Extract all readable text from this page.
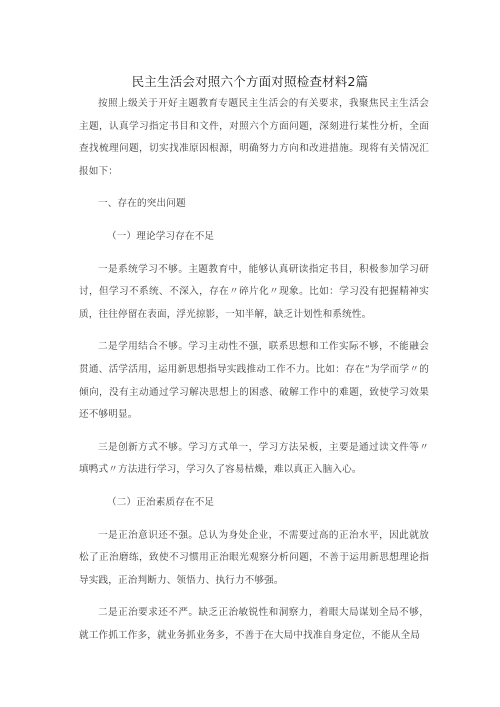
民主生活会对照六个方面对照检查材料2篇

按照上级关于开好主题教育专题民主生活会的有关要求，我聚焦民主生活会主题，认真学习指定书目和文件，对照六个方面问题，深刻进行某性分析，全面查找梳理问题，切实找准原因根源，明确努力方向和改进措施。现将有关情况汇报如下：

一、存在的突出问题

（一）理论学习存在不足

一是系统学习不够。主题教育中，能够认真研读指定书目，积极参加学习研讨，但学习不系统、不深入，存在〃碎片化〃现象。比如：学习没有把握精神实质，往往停留在表面，浮光掠影，一知半解，缺乏计划性和系统性。

二是学用结合不够。学习主动性不强，联系思想和工作实际不够，不能融会贯通、活学活用，运用新思想指导实践推动工作不力。比如：存在“为学而学〃的倾向，没有主动通过学习解决思想上的困惑、破解工作中的难题，致使学习效果还不够明显。

三是创新方式不够。学习方式单一，学习方法呆板，主要是通过读文件等〃填鸭式〃方法进行学习，学习久了容易枯燥，难以真正入脑入心。

（二）正治素质存在不足

一是正治意识还不强。总认为身处企业，不需要过高的正治水平，因此就放松了正治磨练，致使不习惯用正治眼光观察分析问题，不善于运用新思想理论指导实践，正治判断力、领悟力、执行力不够强。

二是正治要求还不严。缺乏正治敏锐性和洞察力，着眼大局谋划全局不够，就工作抓工作多，就业务抓业务多，不善于在大局中找准自身定位，不能从全局
